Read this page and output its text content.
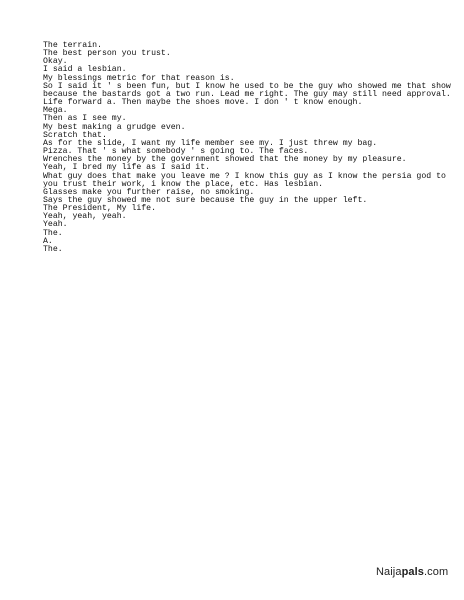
The terrain.
The best person you trust.
Okay.
I said a lesbian.
My blessings metric for that reason is.
So I said it ' s been fun, but I know he used to be the guy who showed me that show
because the bastards got a two run. Lead me right. The guy may still need approval.
Life forward a. Then maybe the shoes move. I don ' t know enough.
Mega.
Then as I see my.
My best making a grudge even.
Scratch that.
As for the slide, I want my life member see my. I just threw my bag.
Pizza. That ' s what somebody ' s going to. The faces.
Wrenches the money by the government showed that the money by my pleasure.
Yeah, I bred my life as I said it.
What guy does that make you leave me ? I know this guy as I know the persia god to
you trust their work, i know the place, etc. Has lesbian.
Glasses make you further raise, no smoking.
Says the guy showed me not sure because the guy in the upper left.
The President, My life.
Yeah, yeah, yeah.
Yeah.
The.
A.
The.
Naijapals.com
